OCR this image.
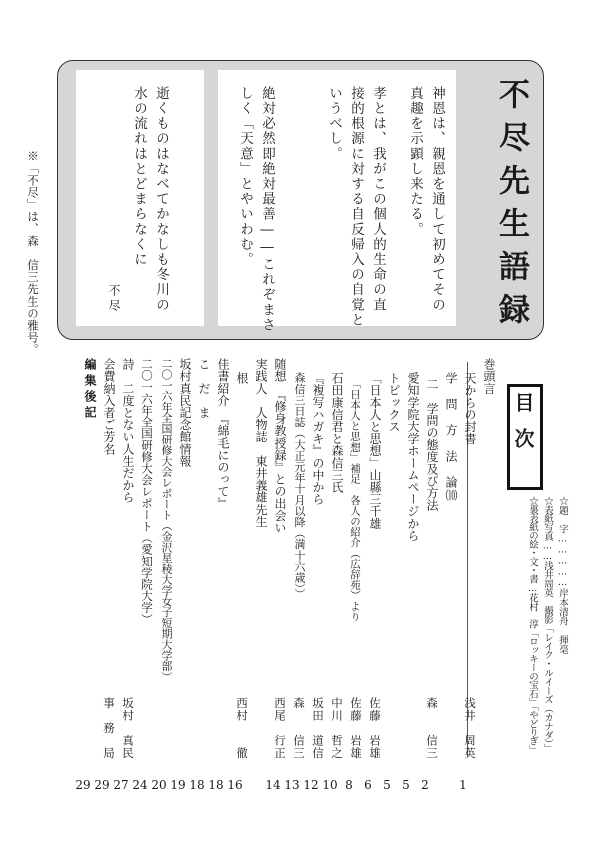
不尽先生語録
※「不尽」は、森　信三先生の雅号。	神恩は、親恩を通して初めてその
真趣を示顕し来たる。
孝とは、我がこの個人的生命の直
接的根源に対する自反帰入の自覚と
いうべし。
絶対必然即絶対最善――これぞまさ
しく「天意」とやいわむ。
逝くものはなべてかなしも冬川の
水の流れはとどまらなくに
不尽
目次
☆題　字……………岸本清舟　揮毫
☆表紙写真……浅井周英　撮影「レイク・ルイーズ（カナダ）」
☆裏表紙の絵・文・書…花村　淳「ロッキーの宝石」「やどりぎ」
巻頭言
天からの封書
浅井　周英
学　問　方　法　論⑽
二　学問の態度及び方法
森　　信三
愛知学院大学ホームページから
トピックス
「日本人と思想」山縣三千雄
佐藤　岩雄
「日本人と思想」補足　各人の紹介（広辞苑）より
佐藤　岩雄
石田康信君と森信三氏
中川　哲之
『複写ハガキ』の中から
坂田　道信
森信三日誌（大正元年十月以降（満十六歳））
森　　信三
随想　『修身教授録』との出会い
西尾　行正
実践人　人物誌　東井義雄先生
根
西村　　徹
佳書紹介　『綿毛にのって』
こ　だ　ま
坂村真民記念館情報
二〇一六年全国研修大会レポート（金沢星稜大学女子短期大学部）
二〇一六年全国研修大会レポート（愛知学院大学）
詩　二度とない人生だから
坂村　真民
会費納入者ご芳名
事　務　局
編集後記
1
2
5
5
6
8
10
12
13
14
16
18
18
19
20
24
27
29
29
